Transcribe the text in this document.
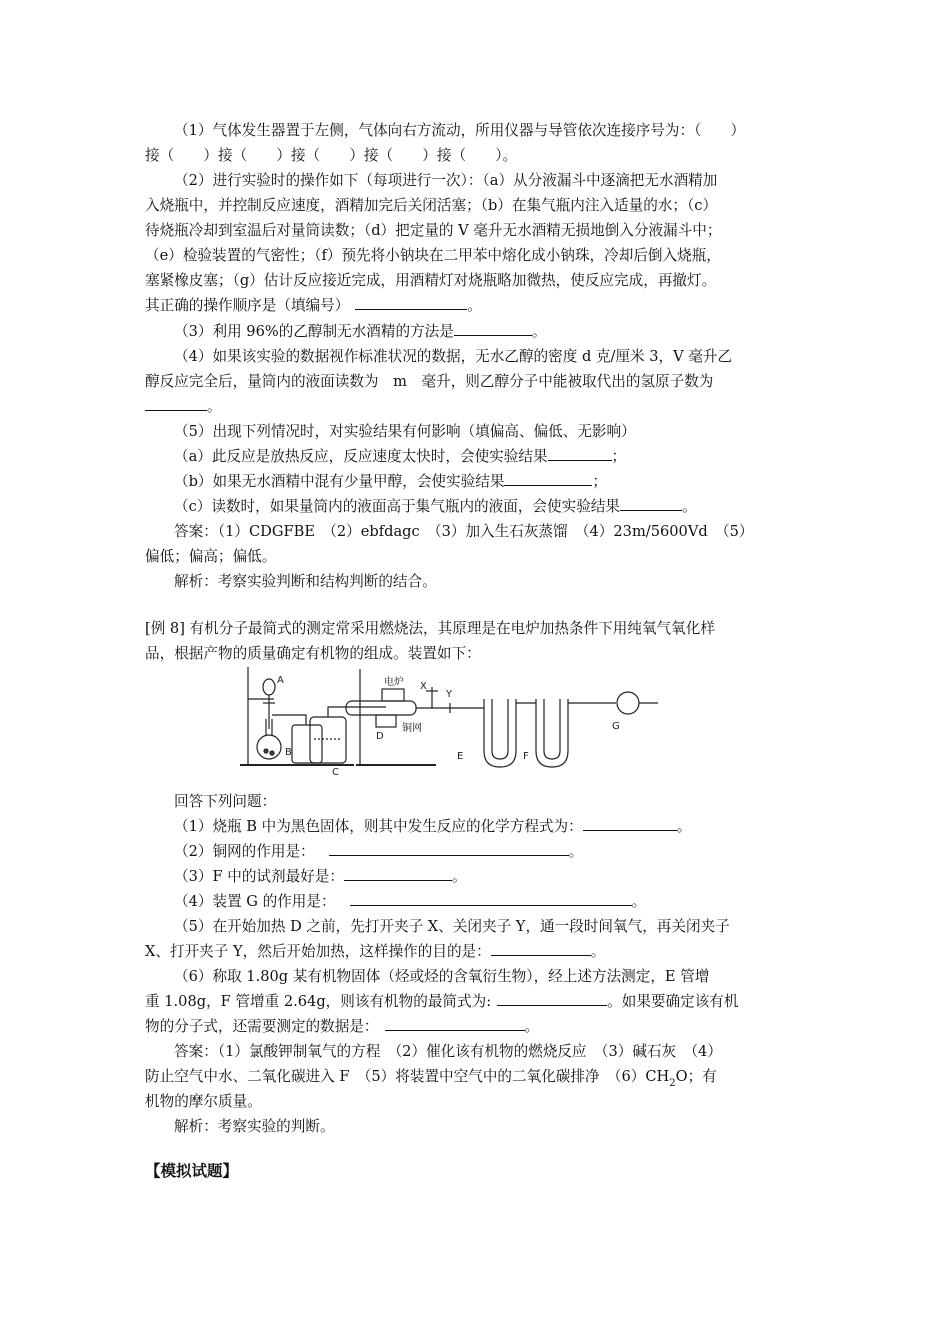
（1）气体发生器置于左侧，气体向右方流动，所用仪器与导管依次连接序号为：（　　）

接（　　）接（　　）接（　　）接（　　）接（　　）。

（2）进行实验时的操作如下（每项进行一次）：（a）从分液漏斗中逐滴把无水酒精加

入烧瓶中，并控制反应速度，酒精加完后关闭活塞；（b）在集气瓶内注入适量的水；（c）

待烧瓶冷却到室温后对量筒读数；（d）把定量的 V 毫升无水酒精无损地倒入分液漏斗中；

（e）检验装置的气密性；（f）预先将小钠块在二甲苯中熔化成小钠珠，冷却后倒入烧瓶，

塞紧橡皮塞；（g）估计反应接近完成，用酒精灯对烧瓶略加微热，使反应完成，再撤灯。

其正确的操作顺序是（填编号）	。

（3）利用 96%的乙醇制无水酒精的方法是	。

（4）如果该实验的数据视作标准状况的数据，无水乙醇的密度 d 克/厘米 3，V 毫升乙

醇反应完全后，量筒内的液面读数为　m　毫升，则乙醇分子中能被取代出的氢原子数为

。

（5）出现下列情况时，对实验结果有何影响（填偏高、偏低、无影响）

（a）此反应是放热反应，反应速度太快时，会使实验结果	；

（b）如果无水酒精中混有少量甲醇，会使实验结果	；

（c）读数时，如果量筒内的液面高于集气瓶内的液面，会使实验结果	。

答案：（1）CDGFBE　（2）ebfdagc　（3）加入生石灰蒸馏　（4）23m/5600Vd　（5）

偏低；偏高；偏低。

解析：考察实验判断和结构判断的结合。

[例 8] 有机分子最简式的测定常采用燃烧法，其原理是在电炉加热条件下用纯氧气氧化样

品，根据产物的质量确定有机物的组成。装置如下：

A
B
C
D
E	F
G
X
Y
电炉
铜网

回答下列问题：

（1）烧瓶 B 中为黑色固体，则其中发生反应的化学方程式为：	。

（2）铜网的作用是：	。

（3）F 中的试剂最好是：	。

（4）装置 G 的作用是：	。

（5）在开始加热 D 之前，先打开夹子 X、关闭夹子 Y，通一段时间氧气，再关闭夹子

X、打开夹子 Y，然后开始加热，这样操作的目的是：	。

（6）称取 1.80g 某有机物固体（烃或烃的含氧衍生物），经上述方法测定，E 管增

重 1.08g，F 管增重 2.64g，则该有机物的最简式为:	。如果要确定该有机

物的分子式，还需要测定的数据是：	。

答案：（1）氯酸钾制氧气的方程　（2）催化该有机物的燃烧反应　（3）碱石灰　（4）

防止空气中水、二氧化碳进入 F　（5）将装置中空气中的二氧化碳排净　$(6)CH_2O$；有

机物的摩尔质量。

解析：考察实验的判断。

【模拟试题】
